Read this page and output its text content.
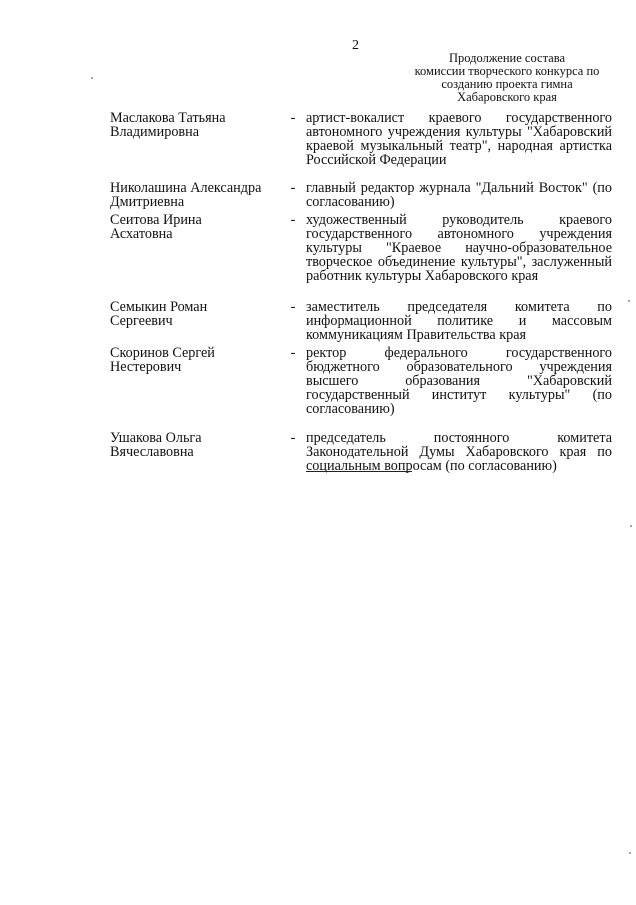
2
Продолжение состава
комиссии творческого конкурса по
созданию проекта гимна
Хабаровского края
Маслакова Татьяна
Владимировна
- артист-вокалист краевого государственного автономного учреждения культуры "Хабаровский краевой музыкальный театр", народная артистка Российской Федерации
Николашина Александра
Дмитриевна
- главный редактор журнала "Дальний Восток" (по согласованию)
Сеитова Ирина
Асхатовна
- художественный руководитель краевого государственного автономного учреждения культуры "Краевое научно-образовательное творческое объединение культуры", заслуженный работник культуры Хабаровского края
Семыкин Роман
Сергеевич
- заместитель председателя комитета по информационной политике и массовым коммуникациям Правительства края
Скоринов Сергей
Нестерович
- ректор федерального государственного бюджетного образовательного учреждения высшего образования "Хабаровский государственный институт культуры" (по согласованию)
Ушакова Ольга
Вячеславовна
- председатель постоянного комитета Законодательной Думы Хабаровского края по социальным вопросам (по согласованию)
